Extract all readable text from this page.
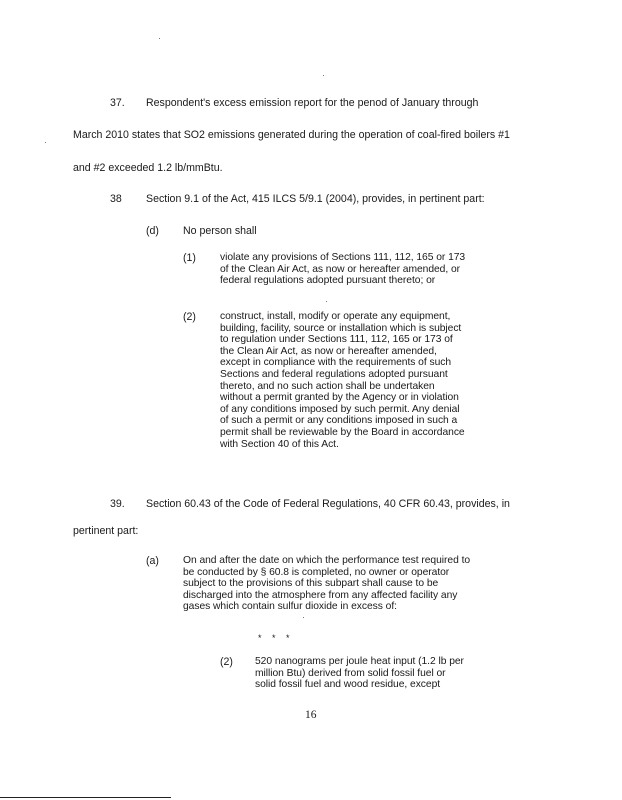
37. Respondent's excess emission report for the penod of January through
March 2010 states that SO2 emissions generated during the operation of coal-fired boilers #1
and #2 exceeded 1.2 lb/mmBtu.
38 Section 9.1 of the Act, 415 ILCS 5/9.1 (2004), provides, in pertinent part:
(d) No person shall
(1) violate any provisions of Sections 111, 112, 165 or 173 of the Clean Air Act, as now or hereafter amended, or federal regulations adopted pursuant thereto; or
(2) construct, install, modify or operate any equipment, building, facility, source or installation which is subject to regulation under Sections 111, 112, 165 or 173 of the Clean Air Act, as now or hereafter amended, except in compliance with the requirements of such Sections and federal regulations adopted pursuant thereto, and no such action shall be undertaken without a permit granted by the Agency or in violation of any conditions imposed by such permit. Any denial of such a permit or any conditions imposed in such a permit shall be reviewable by the Board in accordance with Section 40 of this Act.
39. Section 60.43 of the Code of Federal Regulations, 40 CFR 60.43, provides, in
pertinent part:
(a) On and after the date on which the performance test required to be conducted by § 60.8 is completed, no owner or operator subject to the provisions of this subpart shall cause to be discharged into the atmosphere from any affected facility any gases which contain sulfur dioxide in excess of:
* * *
(2) 520 nanograms per joule heat input (1.2 lb per million Btu) derived from solid fossil fuel or solid fossil fuel and wood residue, except
16
